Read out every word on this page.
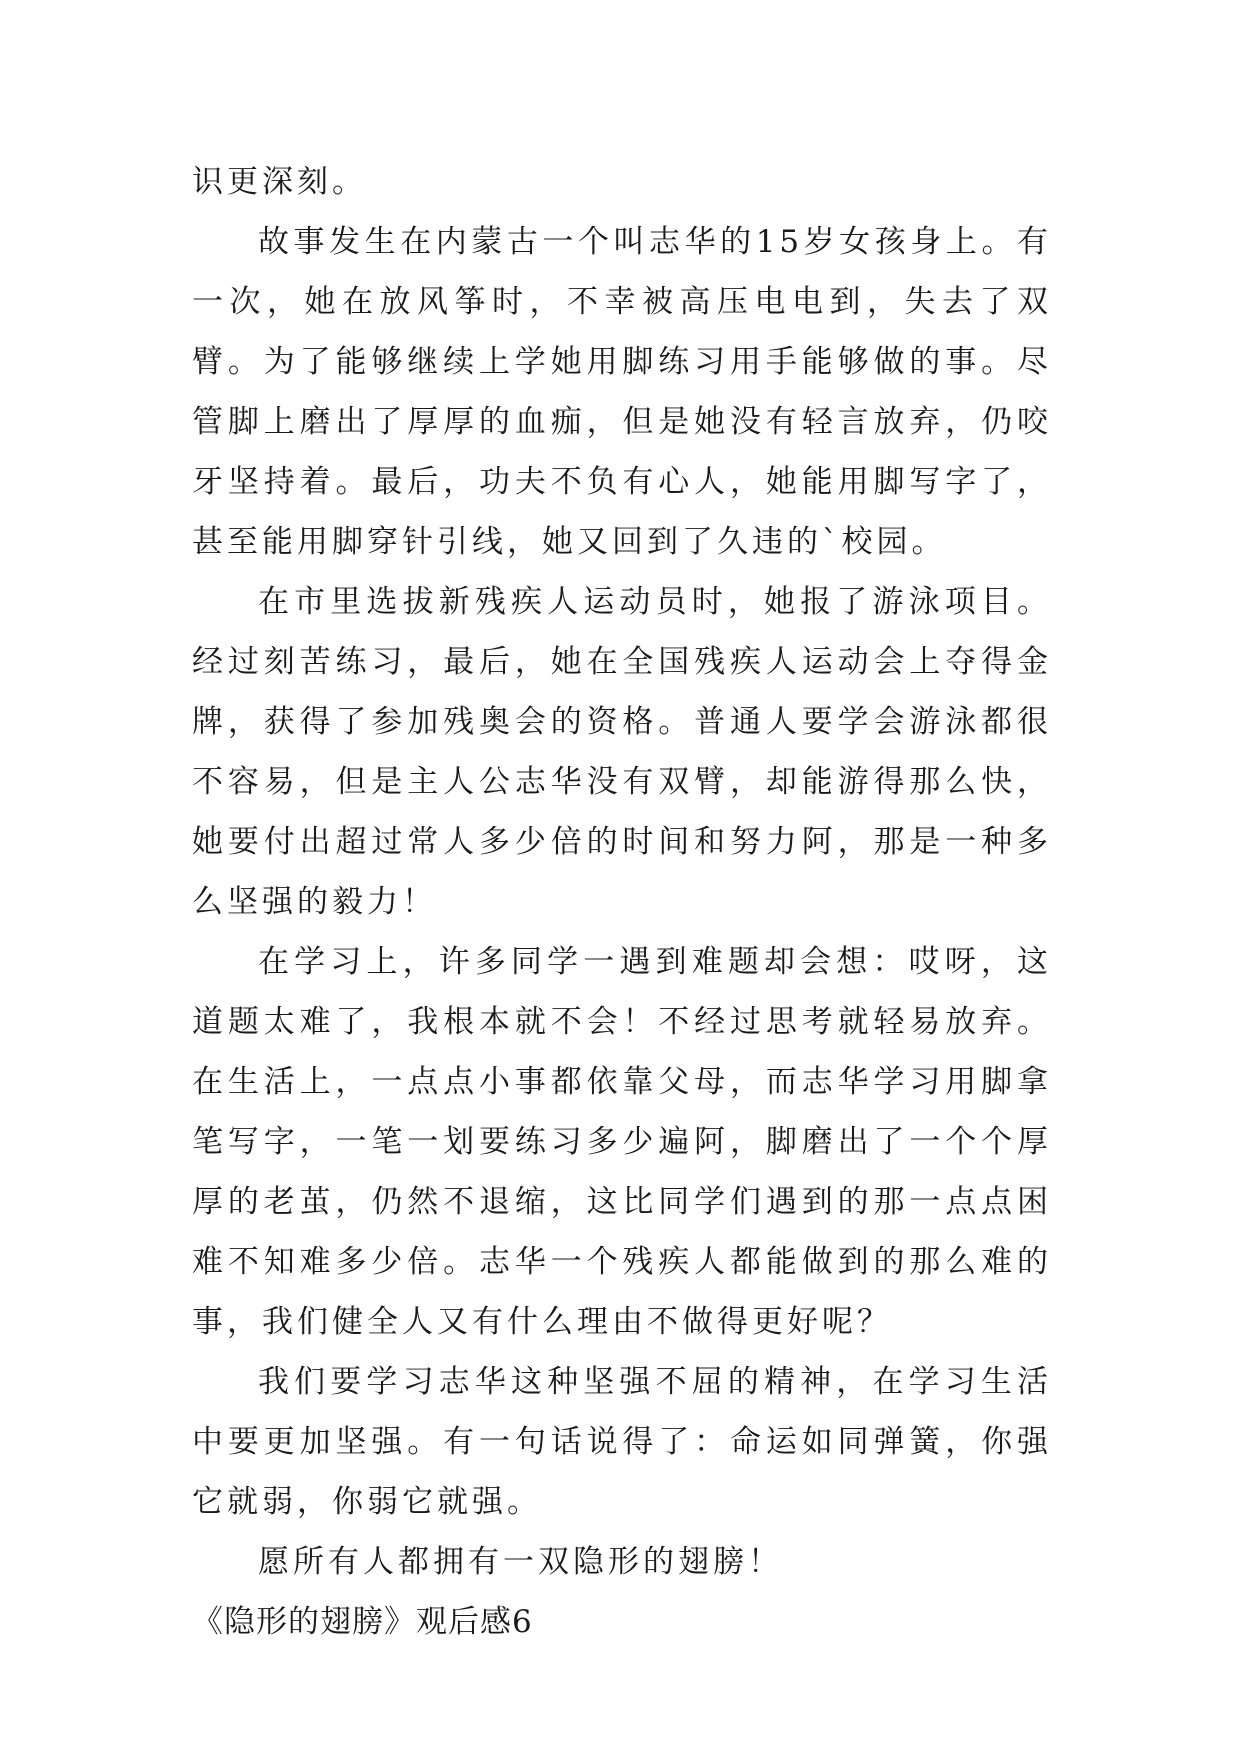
识更深刻。

故事发生在内蒙古一个叫志华的15岁女孩身上。有一次，她在放风筝时，不幸被高压电电到，失去了双臂。为了能够继续上学她用脚练习用手能够做的事。尽管脚上磨出了厚厚的血痂，但是她没有轻言放弃，仍咬牙坚持着。最后，功夫不负有心人，她能用脚写字了，甚至能用脚穿针引线，她又回到了久违的`校园。

在市里选拔新残疾人运动员时，她报了游泳项目。经过刻苦练习，最后，她在全国残疾人运动会上夺得金牌，获得了参加残奥会的资格。普通人要学会游泳都很不容易，但是主人公志华没有双臂，却能游得那么快，她要付出超过常人多少倍的时间和努力阿，那是一种多么坚强的毅力！

在学习上，许多同学一遇到难题却会想：哎呀，这道题太难了，我根本就不会！不经过思考就轻易放弃。在生活上，一点点小事都依靠父母，而志华学习用脚拿笔写字，一笔一划要练习多少遍阿，脚磨出了一个个厚厚的老茧，仍然不退缩，这比同学们遇到的那一点点困难不知难多少倍。志华一个残疾人都能做到的那么难的事，我们健全人又有什么理由不做得更好呢？

我们要学习志华这种坚强不屈的精神，在学习生活中要更加坚强。有一句话说得了：命运如同弹簧，你强它就弱，你弱它就强。

愿所有人都拥有一双隐形的翅膀！

《隐形的翅膀》观后感6
